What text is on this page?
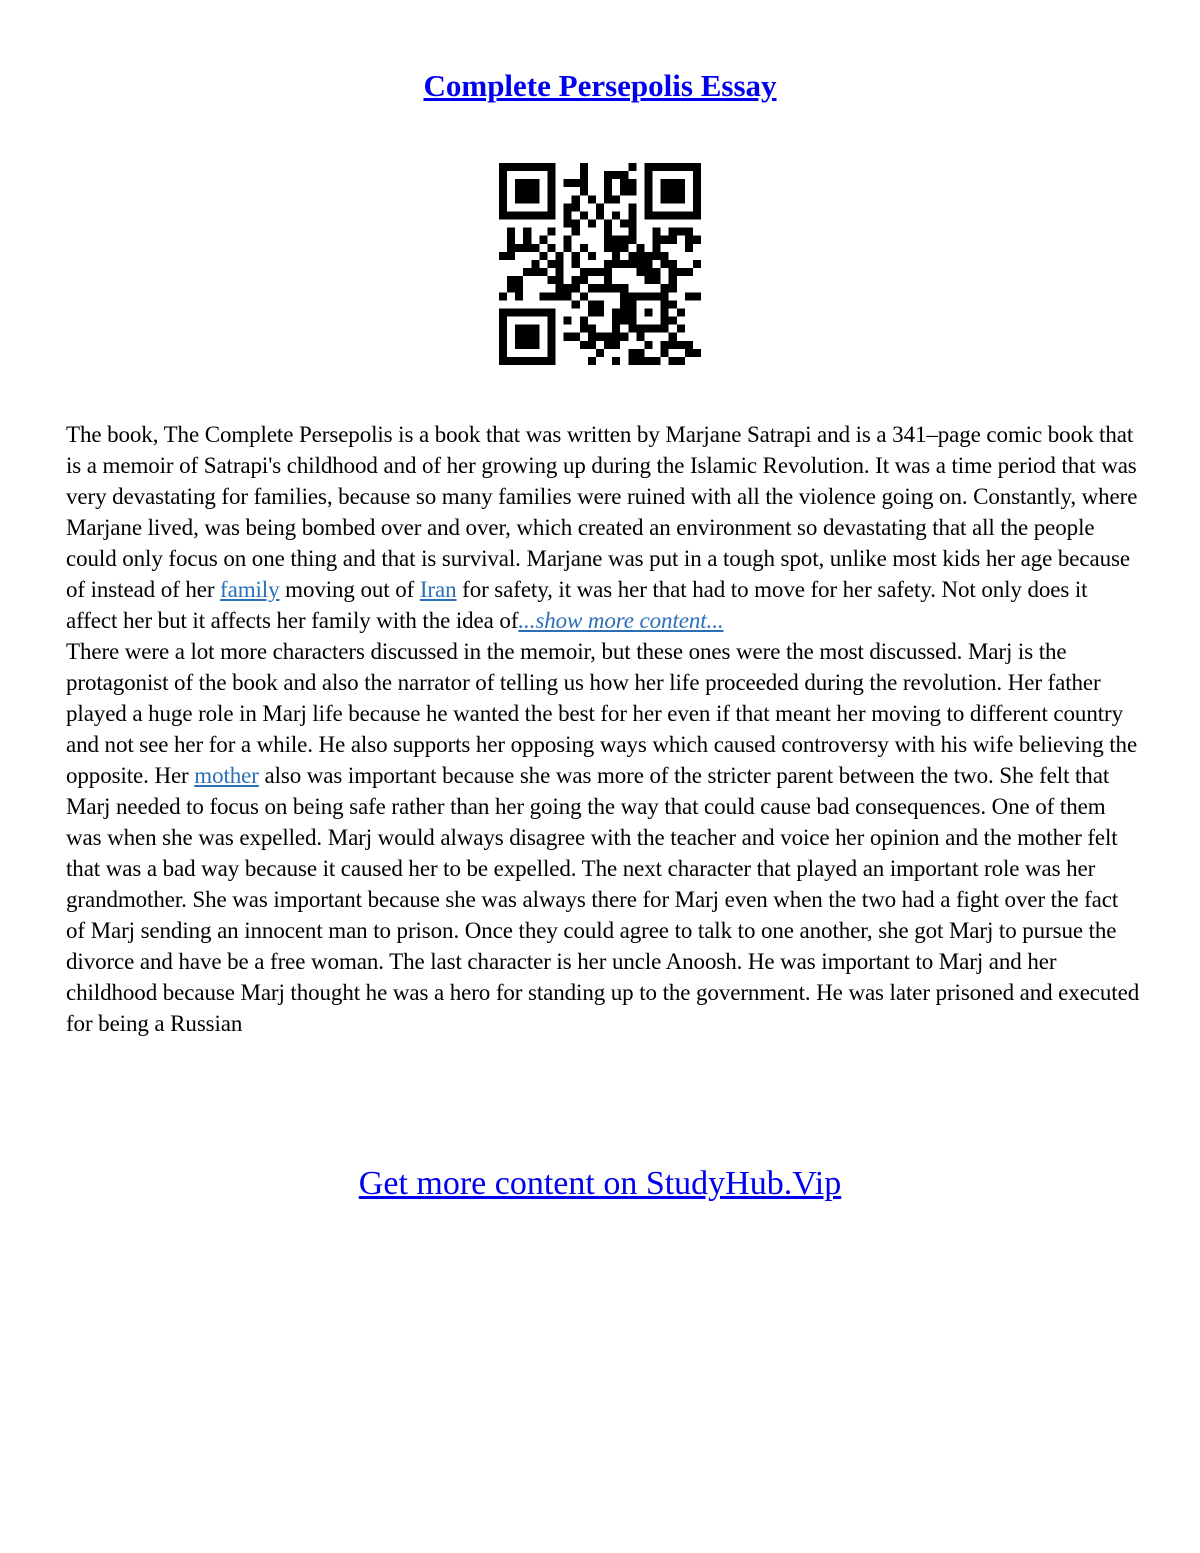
Complete Persepolis Essay

The book, The Complete Persepolis is a book that was written by Marjane Satrapi and is a 341–page comic book that is a memoir of Satrapi's childhood and of her growing up during the Islamic Revolution. It was a time period that was very devastating for families, because so many families were ruined with all the violence going on. Constantly, where Marjane lived, was being bombed over and over, which created an environment so devastating that all the people could only focus on one thing and that is survival. Marjane was put in a tough spot, unlike most kids her age because of instead of her family moving out of Iran for safety, it was her that had to move for her safety. Not only does it affect her but it affects her family with the idea of...show more content...

There were a lot more characters discussed in the memoir, but these ones were the most discussed. Marj is the protagonist of the book and also the narrator of telling us how her life proceeded during the revolution. Her father played a huge role in Marj life because he wanted the best for her even if that meant her moving to different country and not see her for a while. He also supports her opposing ways which caused controversy with his wife believing the opposite. Her mother also was important because she was more of the stricter parent between the two. She felt that Marj needed to focus on being safe rather than her going the way that could cause bad consequences. One of them was when she was expelled. Marj would always disagree with the teacher and voice her opinion and the mother felt that was a bad way because it caused her to be expelled. The next character that played an important role was her grandmother. She was important because she was always there for Marj even when the two had a fight over the fact of Marj sending an innocent man to prison. Once they could agree to talk to one another, she got Marj to pursue the divorce and have be a free woman. The last character is her uncle Anoosh. He was important to Marj and her childhood because Marj thought he was a hero for standing up to the government. He was later prisoned and executed for being a Russian

Get more content on StudyHub.Vip
